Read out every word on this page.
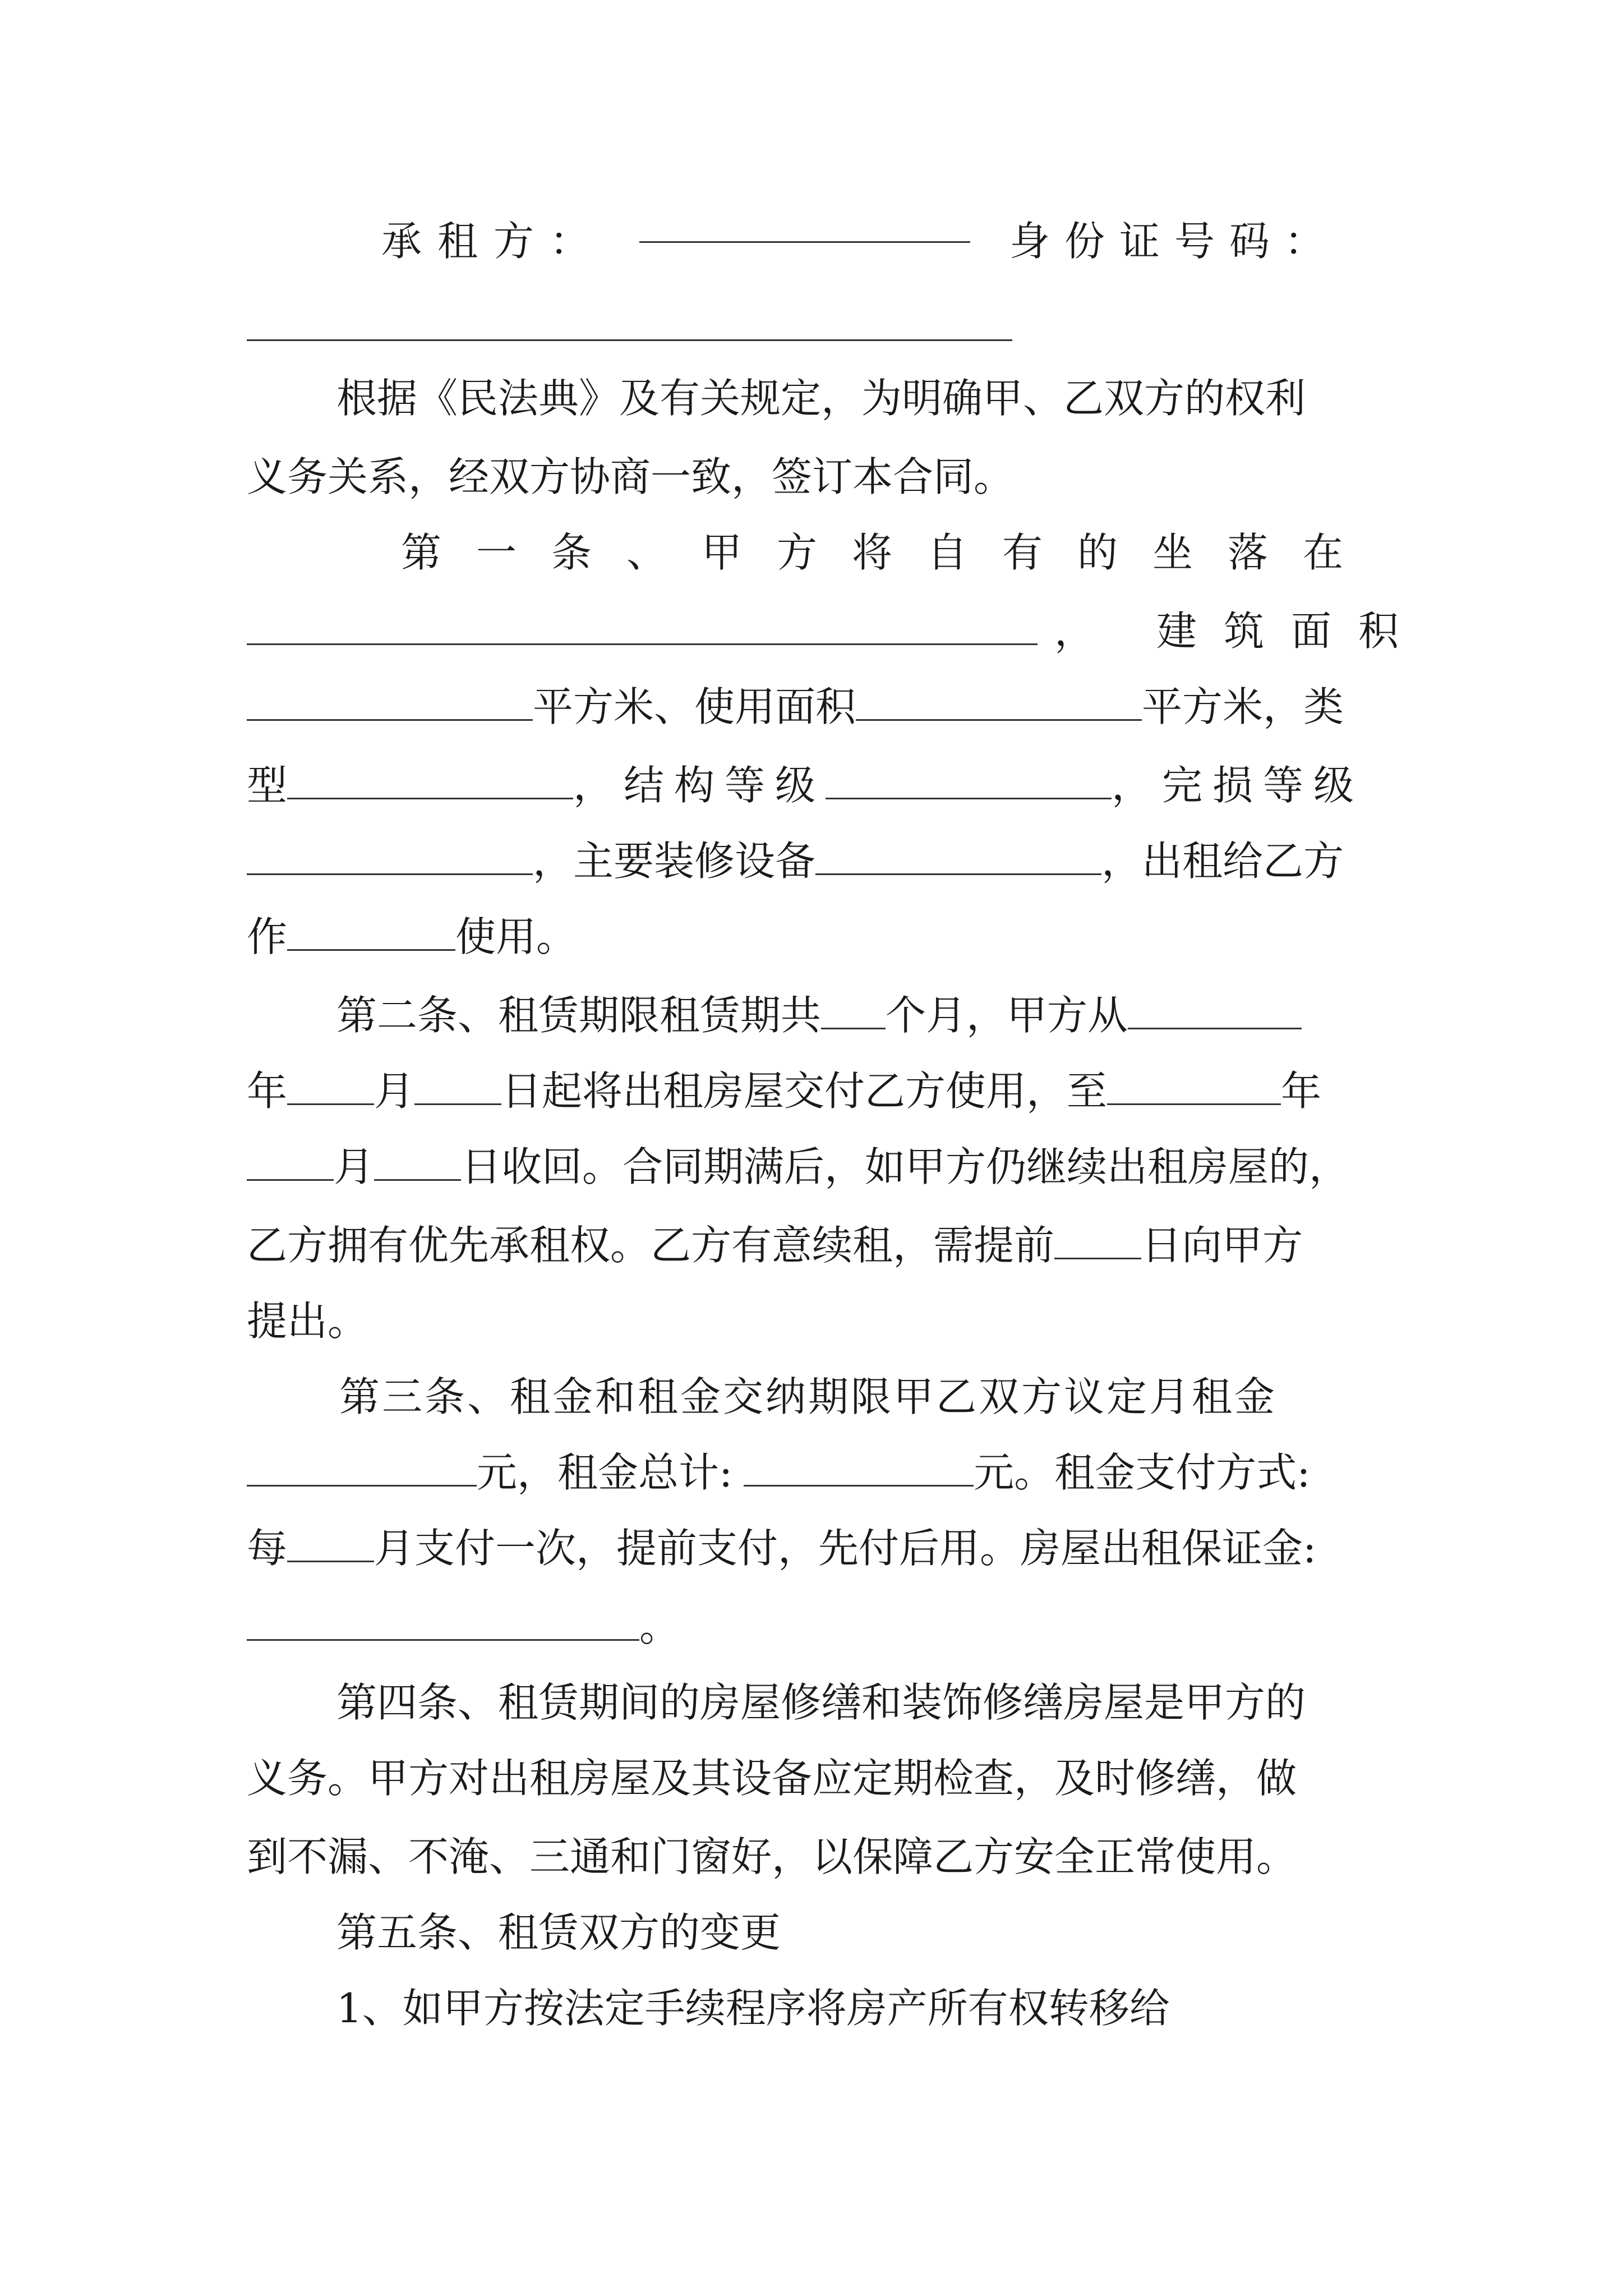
承租方：	身份证号码：
根据《民法典》及有关规定，为明确甲、乙双方的权利
义务关系，经双方协商一致，签订本合同。
第一条、甲方将自有的坐落在
， 建筑面积
平方米、使用面积	平方米，类
型	，结构等级	，完损等级
，主要装修设备	，出租给乙方
作	使用。
第二条、租赁期限租赁期共 个月，甲方从
年 月 日起将出租房屋交付乙方使用，至	年
月 日收回。合同期满后，如甲方仍继续出租房屋的，
乙方拥有优先承租权。乙方有意续租，需提前 日向甲方
提出。
第三条、租金和租金交纳期限甲乙双方议定月租金
元，租金总计:	元。租金支付方式:
每 月支付一次，提前支付，先付后用。房屋出租保证金:
。
第四条、租赁期间的房屋修缮和装饰修缮房屋是甲方的
义务。甲方对出租房屋及其设备应定期检查，及时修缮，做
到不漏、不淹、三通和门窗好，以保障乙方安全正常使用。
第五条、租赁双方的变更
1、如甲方按法定手续程序将房产所有权转移给
